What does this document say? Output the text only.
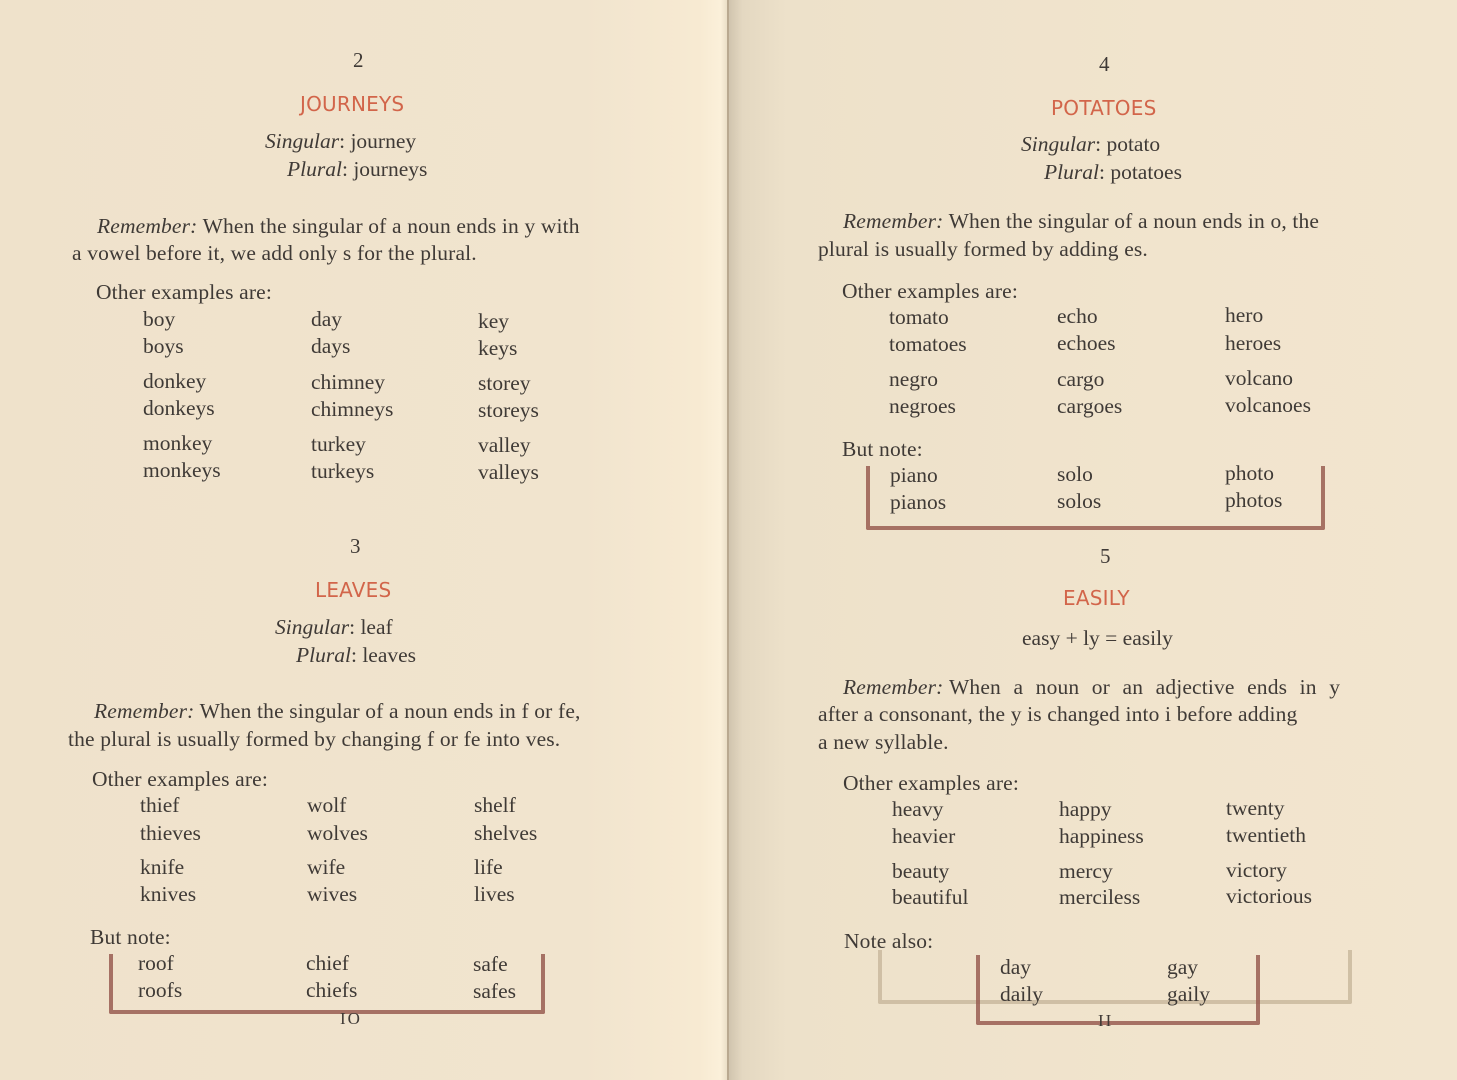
2
JOURNEYS
Singular: journey
Plural: journeys
Remember: When the singular of a noun ends in y with
a vowel before it, we add only s for the plural.
Other examples are:
boy
boys
day
days
key
keys
donkey
donkeys
chimney
chimneys
storey
storeys
monkey
monkeys
turkey
turkeys
valley
valleys
3
LEAVES
Singular: leaf
Plural: leaves
Remember: When the singular of a noun ends in f or fe,
the plural is usually formed by changing f or fe into ves.
Other examples are:
thief
thieves
wolf
wolves
shelf
shelves
knife
knives
wife
wives
life
lives
But note:
roof
roofs
chief
chiefs
safe
safes
IO
4
POTATOES
Singular: potato
Plural: potatoes
Remember: When the singular of a noun ends in o, the
plural is usually formed by adding es.
Other examples are:
tomato
tomatoes
echo
echoes
hero
heroes
negro
negroes
cargo
cargoes
volcano
volcanoes
But note:
piano
pianos
solo
solos
photo
photos
5
EASILY
easy + ly = easily
Remember: When a noun or an adjective ends in y
after a consonant, the y is changed into i before adding
a new syllable.
Other examples are:
heavy
heavier
happy
happiness
twenty
twentieth
beauty
beautiful
mercy
merciless
victory
victorious
Note also:
day
daily
gay
gaily
II
